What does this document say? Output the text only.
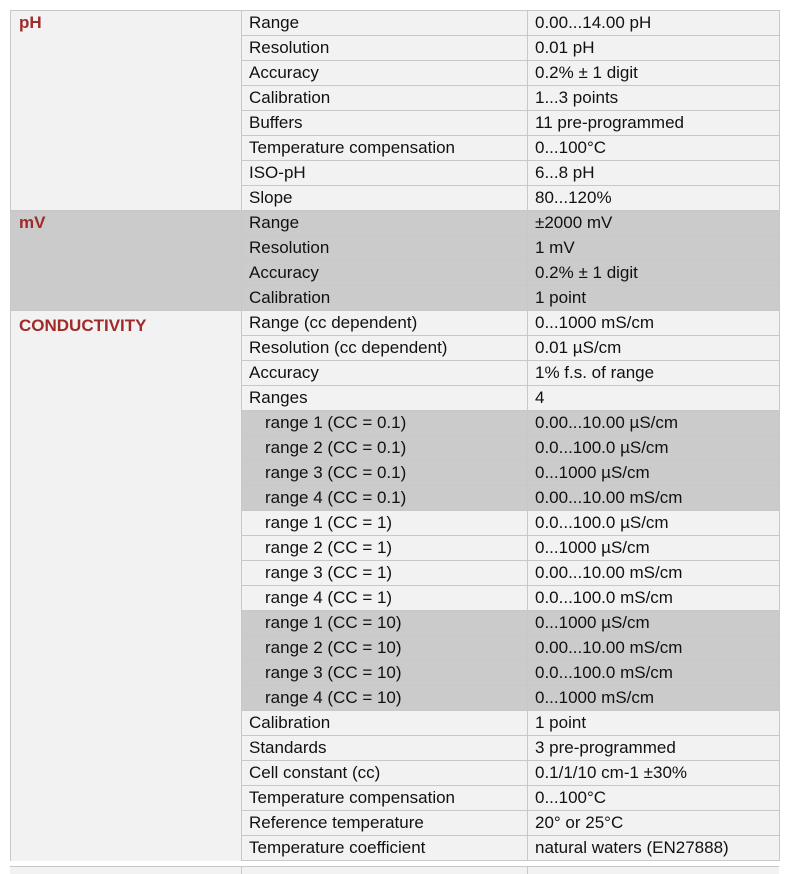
pH	Range	0.00...14.00 pH
	Resolution	0.01 pH
	Accuracy	0.2% ± 1 digit
	Calibration	1...3 points
	Buffers	11 pre-programmed
	Temperature compensation	0...100°C
	ISO-pH	6...8 pH
	Slope	80...120%
mV	Range	±2000 mV
	Resolution	1 mV
	Accuracy	0.2% ± 1 digit
	Calibration	1 point
CONDUCTIVITY	Range (cc dependent)	0...1000 mS/cm
	Resolution (cc dependent)	0.01 µS/cm
	Accuracy	1% f.s. of range
	Ranges	4
	range 1 (CC = 0.1)	0.00...10.00 µS/cm
	range 2 (CC = 0.1)	0.0...100.0 µS/cm
	range 3 (CC = 0.1)	0...1000 µS/cm
	range 4 (CC = 0.1)	0.00...10.00 mS/cm
	range 1 (CC = 1)	0.0...100.0 µS/cm
	range 2 (CC = 1)	0...1000 µS/cm
	range 3 (CC = 1)	0.00...10.00 mS/cm
	range 4 (CC = 1)	0.0...100.0 mS/cm
	range 1 (CC = 10)	0...1000 µS/cm
	range 2 (CC = 10)	0.00...10.00 mS/cm
	range 3 (CC = 10)	0.0...100.0 mS/cm
	range 4 (CC = 10)	0...1000 mS/cm
	Calibration	1 point
	Standards	3 pre-programmed
	Cell constant (cc)	0.1/1/10 cm-1 ±30%
	Temperature compensation	0...100°C
	Reference temperature	20° or 25°C
	Temperature coefficient	natural waters (EN27888)
